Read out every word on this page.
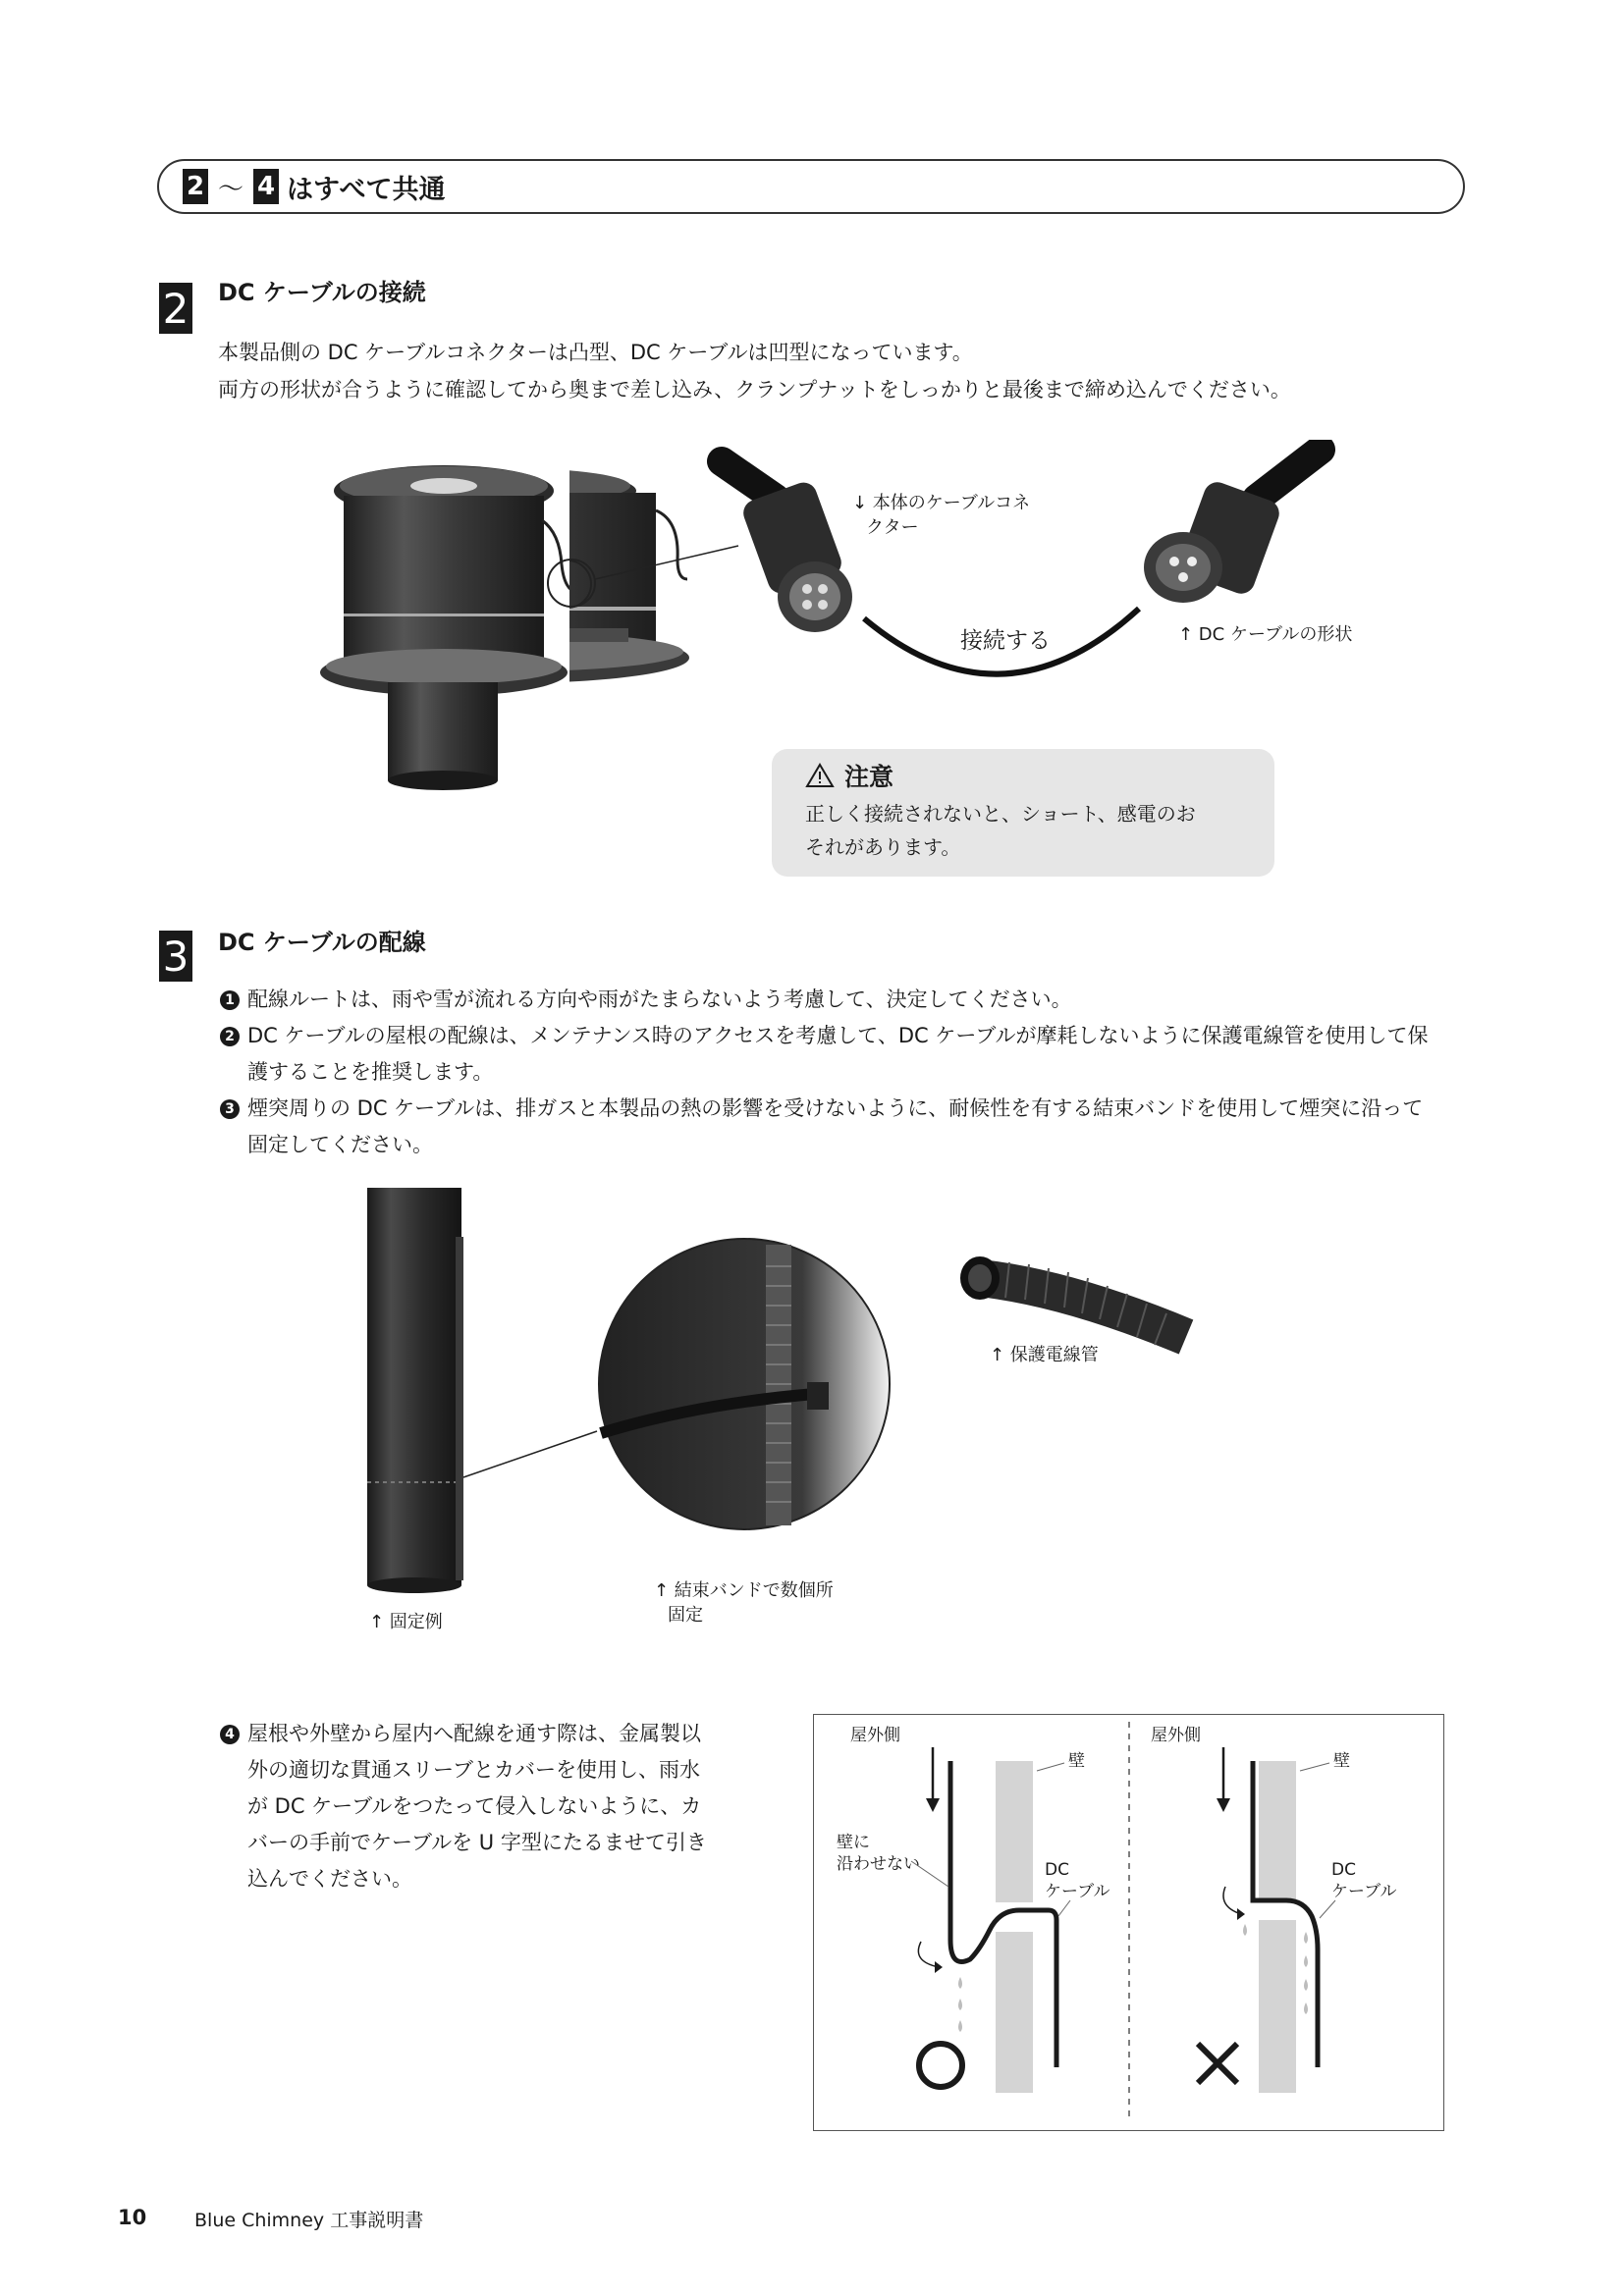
2 〜 4 はすべて共通
2 DC ケーブルの接続
本製品側の DC ケーブルコネクターは凸型、DC ケーブルは凹型になっています。
両方の形状が合うように確認してから奥まで差し込み、クランプナットをしっかりと最後まで締め込んでください。
↓ 本体のケーブルコネ
クター
接続する	↑ DC ケーブルの形状
注意
正しく接続されないと、ショート、感電のお
それがあります。
3 DC ケーブルの配線
1 配線ルートは、雨や雪が流れる方向や雨がたまらないよう考慮して、決定してください。
2 DC ケーブルの屋根の配線は、メンテナンス時のアクセスを考慮して、DC ケーブルが摩耗しないように保護電線管を使用して保
護することを推奨します。
3 煙突周りの DC ケーブルは、排ガスと本製品の熱の影響を受けないように、耐候性を有する結束バンドを使用して煙突に沿って
固定してください。
↑ 保護電線管
↑ 固定例
↑ 結束バンドで数個所
固定
4 屋根や外壁から屋内へ配線を通す際は、金属製以
外の適切な貫通スリーブとカバーを使用し、雨水
が DC ケーブルをつたって侵入しないように、カ
バーの手前でケーブルを U 字型にたるませて引き
込んでください。
屋外側
壁
壁に
沿わせない	DC
ケーブル
屋外側
壁
DC
ケーブル
10	Blue Chimney 工事説明書
